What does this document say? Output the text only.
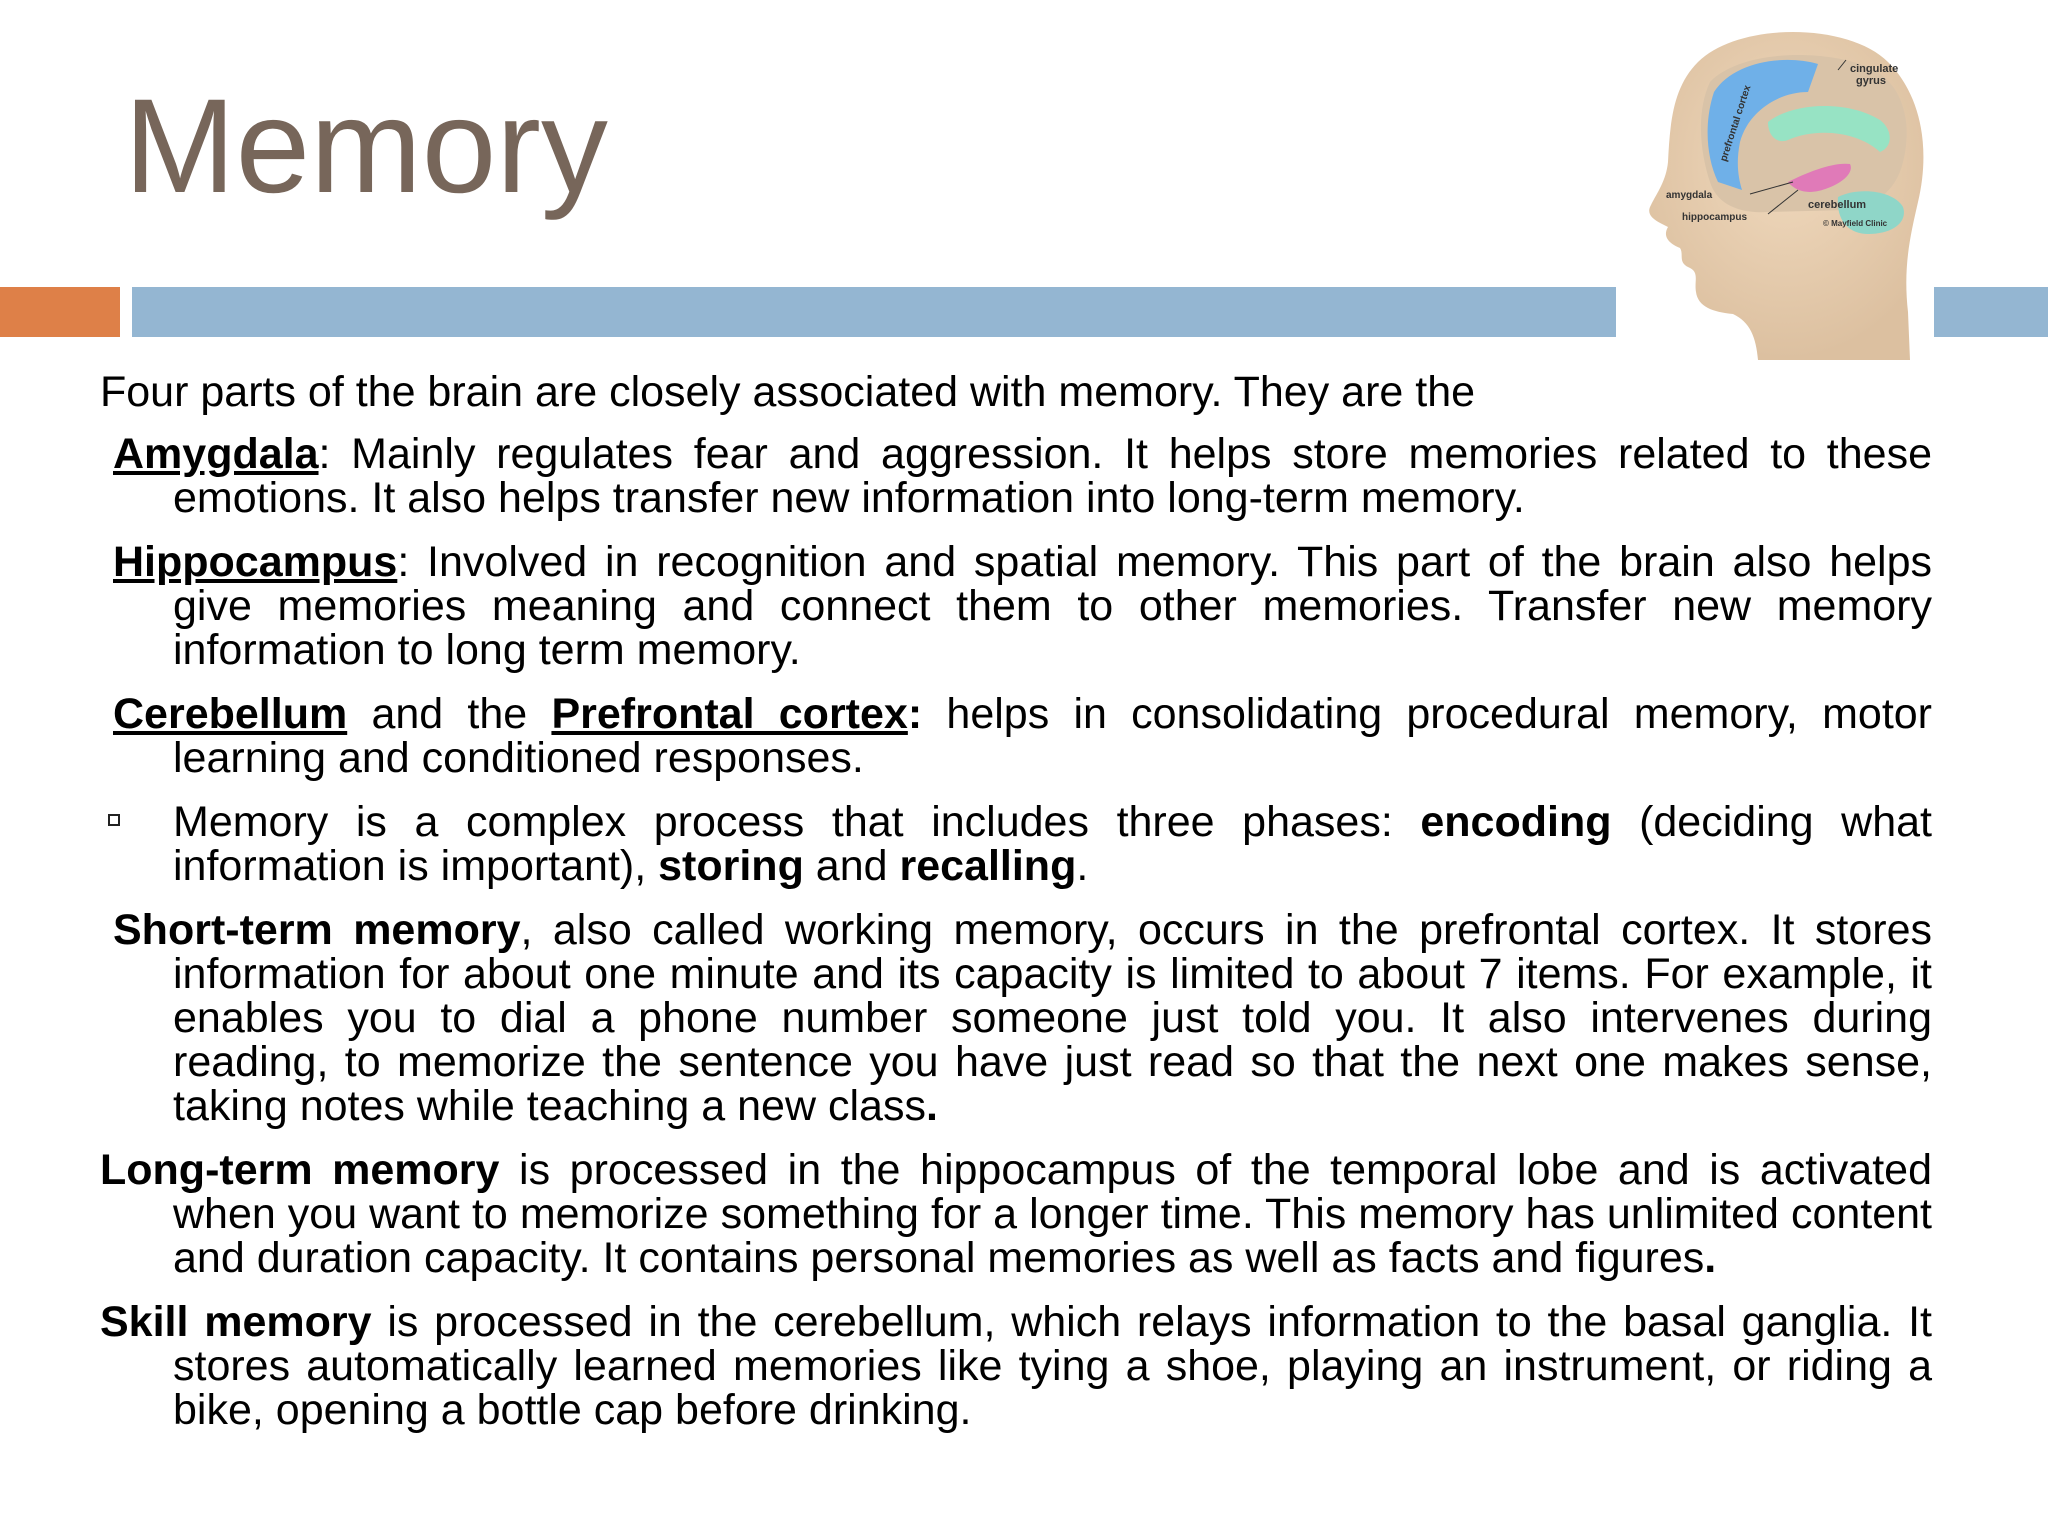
Memory
cingulate
gyrus
prefrontal cortex
amygdala
hippocampus
cerebellum
© Mayfield Clinic

Four parts of the brain are closely associated with memory. They are the

Amygdala: Mainly regulates fear and aggression. It helps store memories related to these emotions. It also helps transfer new information into long-term memory.

Hippocampus: Involved in recognition and spatial memory. This part of the brain also helps give memories meaning and connect them to other memories. Transfer new memory information to long term memory.

Cerebellum and the Prefrontal cortex: helps in consolidating procedural memory, motor learning and conditioned responses.

Memory is a complex process that includes three phases: encoding (deciding what information is important), storing and recalling.

Short-term memory, also called working memory, occurs in the prefrontal cortex. It stores information for about one minute and its capacity is limited to about 7 items. For example, it enables you to dial a phone number someone just told you. It also intervenes during reading, to memorize the sentence you have just read so that the next one makes sense, taking notes while teaching a new class.

Long-term memory is processed in the hippocampus of the temporal lobe and is activated when you want to memorize something for a longer time. This memory has unlimited content and duration capacity. It contains personal memories as well as facts and figures.

Skill memory is processed in the cerebellum, which relays information to the basal ganglia. It stores automatically learned memories like tying a shoe, playing an instrument, or riding a bike, opening a bottle cap before drinking.
